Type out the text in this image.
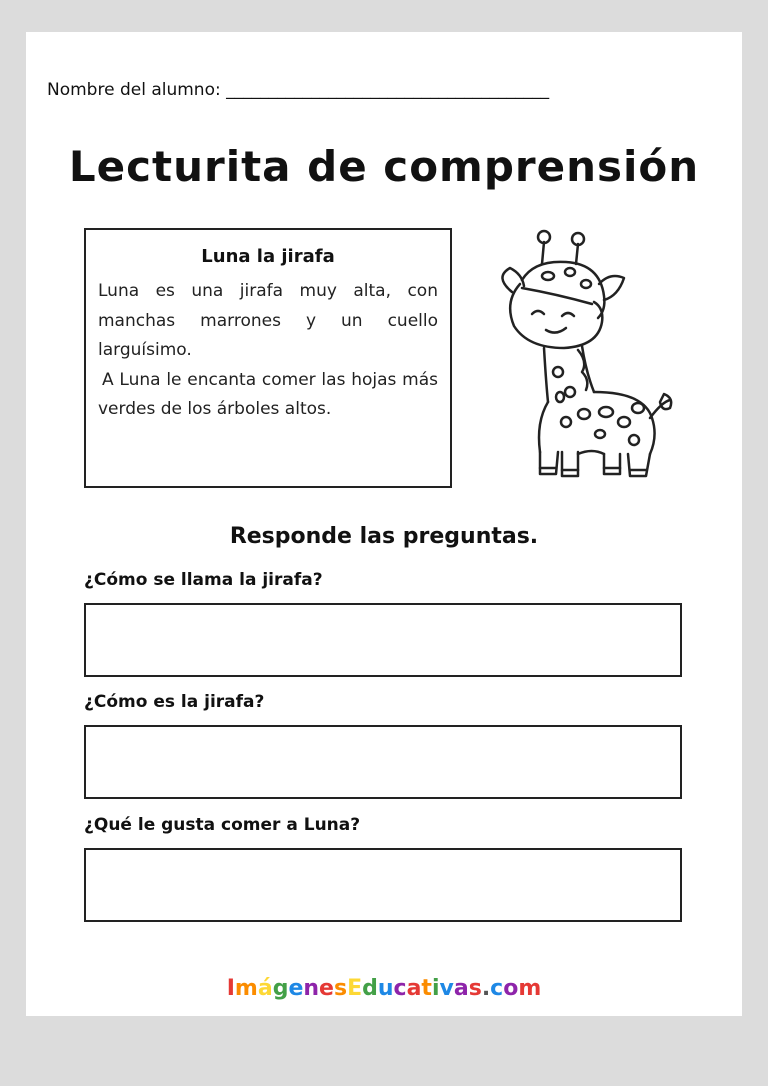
Nombre del alumno: ______________________________________
Lecturita de comprensión
Luna la jirafa
Luna es una jirafa muy alta, con manchas marrones y un cuello larguísimo.
A Luna le encanta comer las hojas más verdes de los árboles altos.
Responde las preguntas.
¿Cómo se llama la jirafa?
¿Cómo es la jirafa?
¿Qué le gusta comer a Luna?
ImágenesEducativas.com
